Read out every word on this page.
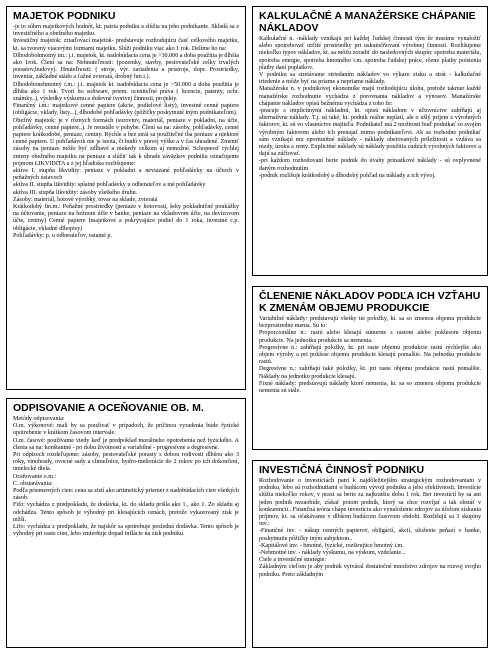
MAJETOK PODNIKU

-je to súhrn majetkových hodnôt, kt. patria podniku a slúžia na jeho podnikanie. Skladá sa z investičného a obežného majetku.

Investičný majetok: zriaďovací majetok- predstavuje rozhodujúcu časť celkového majetku, kt. sa tvorený viacerými formami majetku. Slúži podniku viac ako 1 rok. Delíme ho na:

Dlhodobohmotný im.: j.t. majetok, kt. nadobúdacia cena je >30.000 a doba použitia je dlhšia ako 1rok. Člení sa na: Nehnuteľnosti: (pozemky, stavby, pestovateľské celky trvalých porastov,budovy). Hnuteľnosti: ( stroje, výr. zariadenia a prístroje, dopr. Prostriedky, inventár, základné stádo a ťažné zvieratá, drobný hm.i.).

Dlhodobonehmotný i.m.: j.t. majetok kt. nadobúdacia cena je >50.000 a doba použitia je dlhšia ako 1 rok. Tvorí ho software, priem. oceniteľné práva ( licencie, patenty, ochr. známky..), výsledky výskumu a duševné tvorivej činnosti, projekty.

Finančný i.m.: majetkové cenné papiere (akcie, podielové listy), investné cenné papiere (obligácie, vklady, listy...), dlhodobé pohľadávky (pôžičky poskytnuté iným podnikateľom).

Obežný majetok: je v rôznych formách (surovinv, materiál, peniaze v pokladni, na účte, pohľadávky, cenné papiere..). Je neustále v pohybe. Člení sa na: zásoby, pohľadávky, cenné papiere krátkodobé, peniaze, ceniny. Rýchle a bez strát sa použiteľné iba peniaze a niektoré cenné papiere. U pohľadávok nie je istota, či budú v pravej výške a v čas uhradené. Zmeniť zásoby na peniaze môže byť zdĺhavé a niekedy celkom aj nemožné. Schopnosť rýchlej zmeny obežného majetku na peniaze a slúžiť tak k úhrade záväzkov podniku označujeme pojmom LIKVIDITA a z jej hľadiska rozlišujeme:

aktíva I. stupňa likvidity: peniaze v pokladni a neviazané pohľadávky na účtoch v peňažných ústavoch

aktíva II. stupňa likvidity: splatné pohľadávky u odberateľov a iné pohľadávky

aktíva III. stupňa likvidity: zásoby všetkého druhu.

Zásoby: materiál, hotové výrobky, tovar na sklade, zvieratá

Krátkodobý fin.m.: Peňažné prostriedky (peniaze v hotovosti, šeky pokladničné poukážky na účtovanie, peniaze na bežnom účte v banke, peniaze na vkladovom účte, na devízovom účte, ceniny) Cenné papiere (majetkové a pokrývajúce podiel do 1 roka, investné c.p. obligácie, vkladné dlhopisy)

Pohľadávky: p. u odberateľov, ostatné p.

ODPISOVANIE A OCEŇOVANIE OB. M.

Metódy odpisovania:

O.m. výkonové: malí by sa používať v prípadoch, že príčinou vyradenia bude fyzické opotrebenie v krátkom časovom intervale.

O.m. časové: používame vtedy keď je predpoklad morálneho opotrebenia než fyzického. A členia sa na: konštantné - po dobu životnosti a variabilné - progresívne a degresívne.

Pri odpisoch rozdeľujeme: zásoby, pestovateľské porasty s dobou rodivosti dlhšou ako 3 roky, vinohrady, ovocné sady a chmeľnice, hydro-meliorácie do 2 rokov po ich dokončení, umelecké diela.

Oceňovanie o.m.:

C. obstarávania:

Podľa priemerných cien: cena sa zistí ako aritmetický priemer z nadobúdacích cien všetkých zásob.

Fifo: vychádza z predpokladu, že dodávka, kt. do skladu prišla ako 1., ako 1. Zo skladu aj odchádza. Tento spôsob je výhodný pri klesajúcich cenách, pretože vykazovaný zisk je nižší.

Lifo: vychádza z predpokladu, že najskôr sa spotrebuje posledná dodávka. Tento spôsob je výhodný pri raste cien, lebo zmierňuje dopad inflácie na zisk podniku.

KALKULAČNÉ A MANAŽÉRSKE CHÁPANIE NÁKLADOV

Kalkulačné n. -náklady vznikajú pri každej ľudskej činnosti tým že musíme vynaložiť alebo spotrebovať určité prostriedky pri uskutočňovaní výrobnej činnosti. Rozlišujeme niekoľko typov nákladov, kt. sa môžu zoradiť do nasledovných skupín: spotreba materiálu, spotreba energie, spotreba hmotného i.m. spotreba ľudskej práce, rôzne platby poistenia platby daní poplatkov.

V podniku sa stretávame striedaním nákladov vo výkaze zisku a strát - kalkulačné triedenie a môže byť na priame a nepriame náklady.

Manažérske n. v podnikovej ekonomike majú rozhodujúcu úlohu, pretože takmer každé manažérske rozhodnutie vychádza z porovnania nákladov a výnosov. Manažérske chápanie nákladov opisú bežnému vychádza z toho že:

-pracuje s implicitnými nákladmi, kt. opisú nákladom v účtovníctve zahŕňajú aj alternatívne náklady. T.j. sú také, kt. podnik reálne neplatí, ale o ušlý príjem z výrobných faktorov, kt. sú vo vlastníctve majiteľa. Podnikateľ má 2 možnosti buď podnikať so svojím výrobným faktorom alebo ich prenajať mimo podnikateľovi. Ak sa rozhodne podnikať sám vznikajú mu oportunitné náklady - náklady obetovaných príležitosti a vzdáva sa mzdy, úroku a renty. Explicitné náklady sú náklady použitia cudzích výrobných faktorov a dajú sa zúčtovať.

-pri každom rozhodovaní berie podnik do úvahy prírastkové náklady - sú ovplyvnené daným rozhodnutím

-podnik rozlišuje krátkodobý a dlhodobý pohľad na náklady a ich vývoj.

ČLENENIE NÁKLADOV PODĽA ICH VZŤAHU K ZMENÁM OBJEMU PRODUKCIE

Variabilné náklady: predstavujú všetky tie položky, kt. sa so zmenou objemu produkcie bezprostredne menia. Sú to:

Proporcionálne n.: rastú alebo klesajú súmerne s rastom alebo poklesom objemu produkcie. Na jednotku produkcie sa nemenia.

Progresívne n.: zahŕňajú položky, kt. pri raste objemu produkcie rastú rýchlejšie ako objem výroby a pri poklese objemu produkcie klesajú pomalšie. Na jednotku produkcie rastú.

Degresívne n.: zahŕňajú také položky, kt. pri raste objemu produkcie rastú pomalšie. Náklady na jednotku produkcie klesajú.

Fixné náklady: predstavujú náklady ktoré nemenia, kt. sa so zmenou objemu produkcie nemenia sú stále.

INVESTIČNÁ ČINNOSŤ PODNIKU

Rozhodovanie o investíciách patrí k najdôležitejším strategickým rozhodovaniam v podniku, lebo sú rozhodnutiami o budúcom vývoji podniku a jeho efektívnosti. Investície slúžia niekoľko rokov, v praxi sa berie za najkratšiu dobu 1 rok. Ber investícií by sa ani jeden podnik nezaobíde, získať potom podnik, ktorý sa chce rozvíjať a tak obstáť v konkurencii.. Finančná teória chápe investíciu ako vynaloženie zdrojov za účelom získania príjmov, kt. sa očakávame v dlhšom budúcom časovom období. Rozlišujú sa 3 skupiny inv.:

-Finančné inv. - nákup cenných papierov, obligácií, akcií, uloženie peňazí v banke, poskytnutie pôžičky iným subjektom..

-Kapitálové inv. - hmotné, fyzické, rozširujúce hmotný i.m.

-Nehmotné inv. - náklady výskumu, na výskum, vzdelanie...

Ciele a investičné stratégie:

Základným cieľom je aby podnik vytváral dostatočné množstvo zdrojov na rozvoj svojho podniku. Preto základným
